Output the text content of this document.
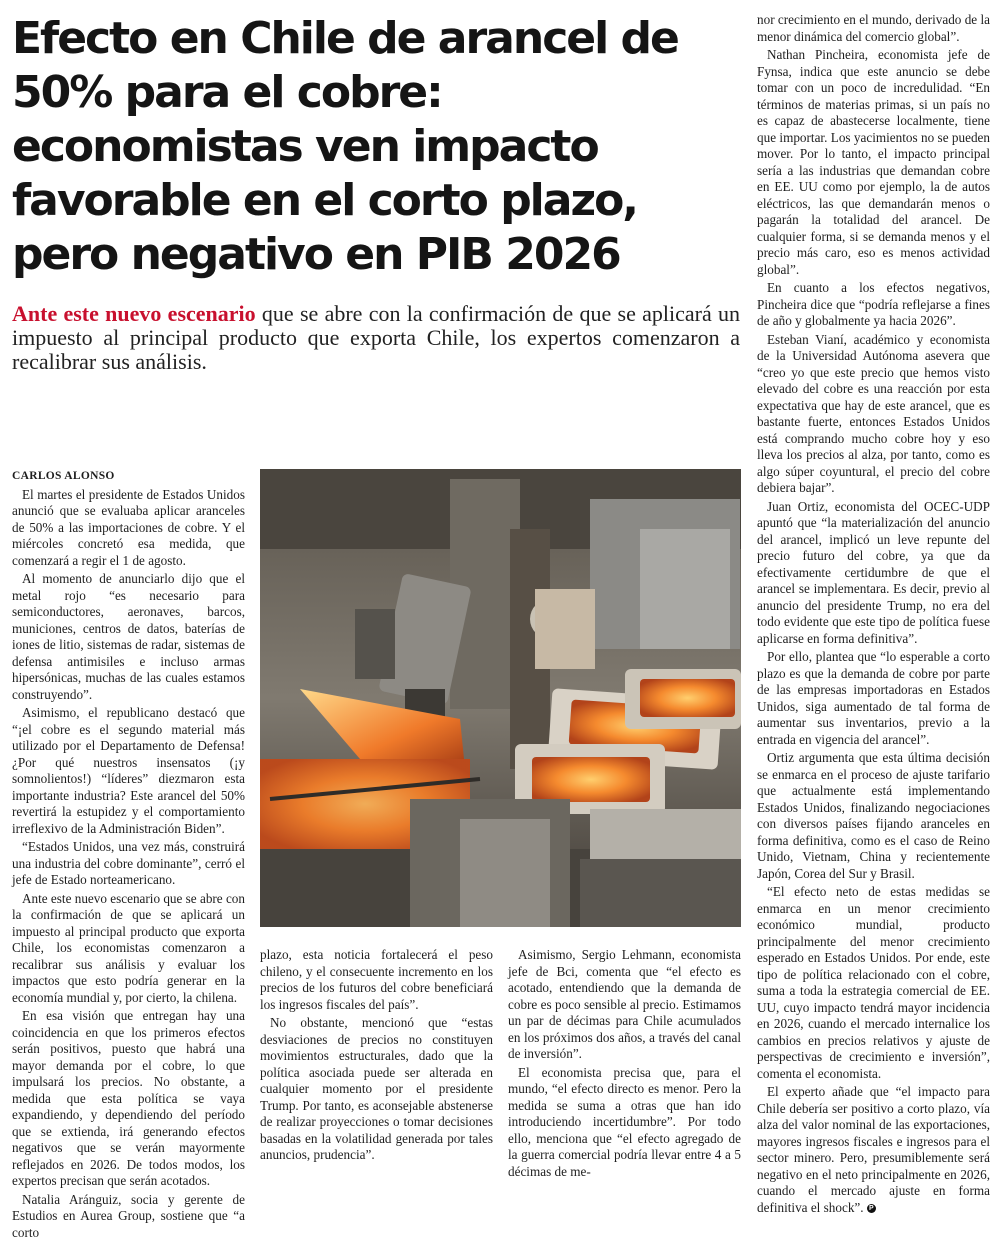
Efecto en Chile de arancel de 50% para el cobre: economistas ven impacto favorable en el corto plazo, pero negativo en PIB 2026
Ante este nuevo escenario que se abre con la confirmación de que se aplicará un impuesto al principal producto que exporta Chile, los expertos comenzaron a recalibrar sus análisis.

CARLOS ALONSO

El martes el presidente de Estados Unidos anunció que se evaluaba aplicar aranceles de 50% a las importaciones de cobre. Y el miércoles concretó esa medida, que comenzará a regir el 1 de agosto.

Al momento de anunciarlo dijo que el metal rojo “es necesario para semiconductores, aeronaves, barcos, municiones, centros de datos, baterías de iones de litio, sistemas de radar, sistemas de defensa antimisiles e incluso armas hipersónicas, muchas de las cuales estamos construyendo”.

Asimismo, el republicano destacó que “¡el cobre es el segundo material más utilizado por el Departamento de Defensa! ¿Por qué nuestros insensatos (¡y somnolientos!) “líderes” diezmaron esta importante industria? Este arancel del 50% revertirá la estupidez y el comportamiento irreflexivo de la Administración Biden”.

“Estados Unidos, una vez más, construirá una industria del cobre dominante”, cerró el jefe de Estado norteamericano.

Ante este nuevo escenario que se abre con la confirmación de que se aplicará un impuesto al principal producto que exporta Chile, los economistas comenzaron a recalibrar sus análisis y evaluar los impactos que esto podría generar en la economía mundial y, por cierto, la chilena.

En esa visión que entregan hay una coincidencia en que los primeros efectos serán positivos, puesto que habrá una mayor demanda por el cobre, lo que impulsará los precios. No obstante, a medida que esta política se vaya expandiendo, y dependiendo del período que se extienda, irá generando efectos negativos que se verán mayormente reflejados en 2026. De todos modos, los expertos precisan que serán acotados.

Natalia Aránguiz, socia y gerente de Estudios en Aurea Group, sostiene que “a corto

plazo, esta noticia fortalecerá el peso chileno, y el consecuente incremento en los precios de los futuros del cobre beneficiará los ingresos fiscales del país”.

No obstante, mencionó que “estas desviaciones de precios no constituyen movimientos estructurales, dado que la política asociada puede ser alterada en cualquier momento por el presidente Trump. Por tanto, es aconsejable abstenerse de realizar proyecciones o tomar decisiones basadas en la volatilidad generada por tales anuncios, prudencia”.

Asimismo, Sergio Lehmann, economista jefe de Bci, comenta que “el efecto es acotado, entendiendo que la demanda de cobre es poco sensible al precio. Estimamos un par de décimas para Chile acumulados en los próximos dos años, a través del canal de inversión”.

El economista precisa que, para el mundo, “el efecto directo es menor. Pero la medida se suma a otras que han ido introduciendo incertidumbre”. Por todo ello, menciona que “el efecto agregado de la guerra comercial podría llevar entre 4 a 5 décimas de me-

nor crecimiento en el mundo, derivado de la menor dinámica del comercio global”.

Nathan Pincheira, economista jefe de Fynsa, indica que este anuncio se debe tomar con un poco de incredulidad. “En términos de materias primas, si un país no es capaz de abastecerse localmente, tiene que importar. Los yacimientos no se pueden mover. Por lo tanto, el impacto principal sería a las industrias que demandan cobre en EE. UU como por ejemplo, la de autos eléctricos, las que demandarán menos o pagarán la totalidad del arancel. De cualquier forma, si se demanda menos y el precio más caro, eso es menos actividad global”.

En cuanto a los efectos negativos, Pincheira dice que “podría reflejarse a fines de año y globalmente ya hacia 2026”.

Esteban Vianí, académico y economista de la Universidad Autónoma asevera que “creo yo que este precio que hemos visto elevado del cobre es una reacción por esta expectativa que hay de este arancel, que es bastante fuerte, entonces Estados Unidos está comprando mucho cobre hoy y eso lleva los precios al alza, por tanto, como es algo súper coyuntural, el precio del cobre debiera bajar”.

Juan Ortiz, economista del OCEC-UDP apuntó que “la materialización del anuncio del arancel, implicó un leve repunte del precio futuro del cobre, ya que da efectivamente certidumbre de que el arancel se implementara. Es decir, previo al anuncio del presidente Trump, no era del todo evidente que este tipo de política fuese aplicarse en forma definitiva”.

Por ello, plantea que “lo esperable a corto plazo es que la demanda de cobre por parte de las empresas importadoras en Estados Unidos, siga aumentado de tal forma de aumentar sus inventarios, previo a la entrada en vigencia del arancel”.

Ortiz argumenta que esta última decisión se enmarca en el proceso de ajuste tarifario que actualmente está implementando Estados Unidos, finalizando negociaciones con diversos países fijando aranceles en forma definitiva, como es el caso de Reino Unido, Vietnam, China y recientemente Japón, Corea del Sur y Brasil.

“El efecto neto de estas medidas se enmarca en un menor crecimiento económico mundial, producto principalmente del menor crecimiento esperado en Estados Unidos. Por ende, este tipo de política relacionado con el cobre, suma a toda la estrategia comercial de EE. UU, cuyo impacto tendrá mayor incidencia en 2026, cuando el mercado internalice los cambios en precios relativos y ajuste de perspectivas de crecimiento e inversión”, comenta el economista.

El experto añade que “el impacto para Chile debería ser positivo a corto plazo, vía alza del valor nominal de las exportaciones, mayores ingresos fiscales e ingresos para el sector minero. Pero, presumiblemente será negativo en el neto principalmente en 2026, cuando el mercado ajuste en forma definitiva el shock”. P
